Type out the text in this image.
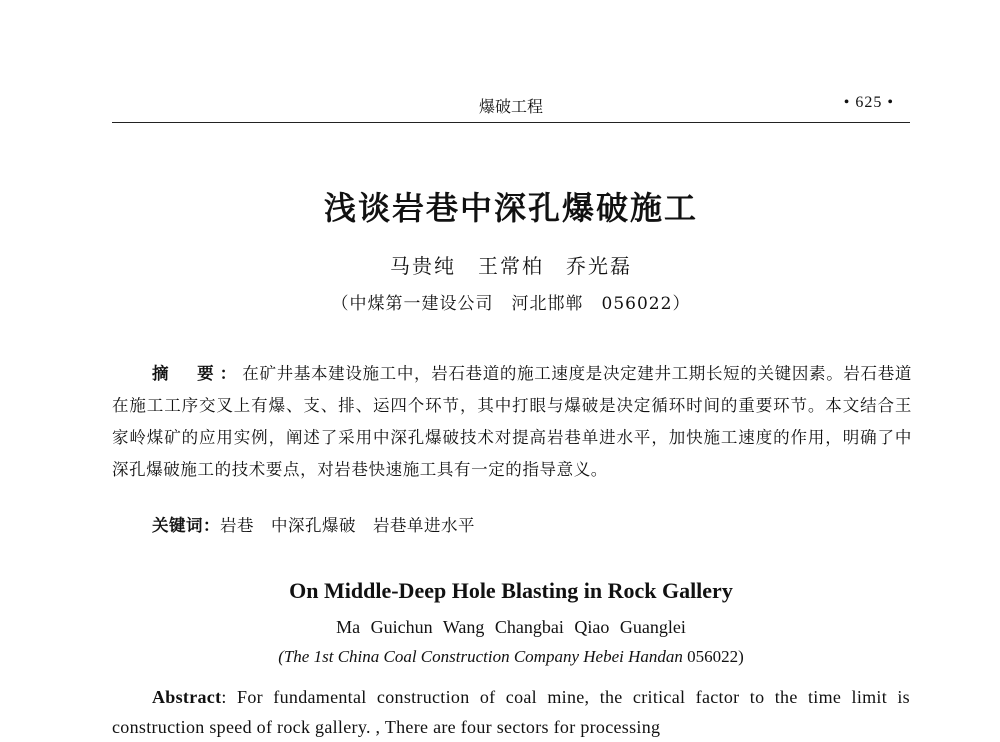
爆破工程	• 625 •
浅谈岩巷中深孔爆破施工
马贵纯　王常柏　乔光磊
（中煤第一建设公司　河北邯郸　056022）
摘　要：在矿井基本建设施工中，岩石巷道的施工速度是决定建井工期长短的关键因素。岩石巷道在施工工序交叉上有爆、支、排、运四个环节，其中打眼与爆破是决定循环时间的重要环节。本文结合王家岭煤矿的应用实例，阐述了采用中深孔爆破技术对提高岩巷单进水平，加快施工速度的作用，明确了中深孔爆破施工的技术要点，对岩巷快速施工具有一定的指导意义。
关键词：岩巷　中深孔爆破　岩巷单进水平
On Middle-Deep Hole Blasting in Rock Gallery
Ma Guichun Wang Changbai Qiao Guanglei
(The 1st China Coal Construction Company Hebei Handan 056022)
Abstract: For fundamental construction of coal mine, the critical factor to the time limit is construction speed of rock gallery. , There are four sectors for processing
